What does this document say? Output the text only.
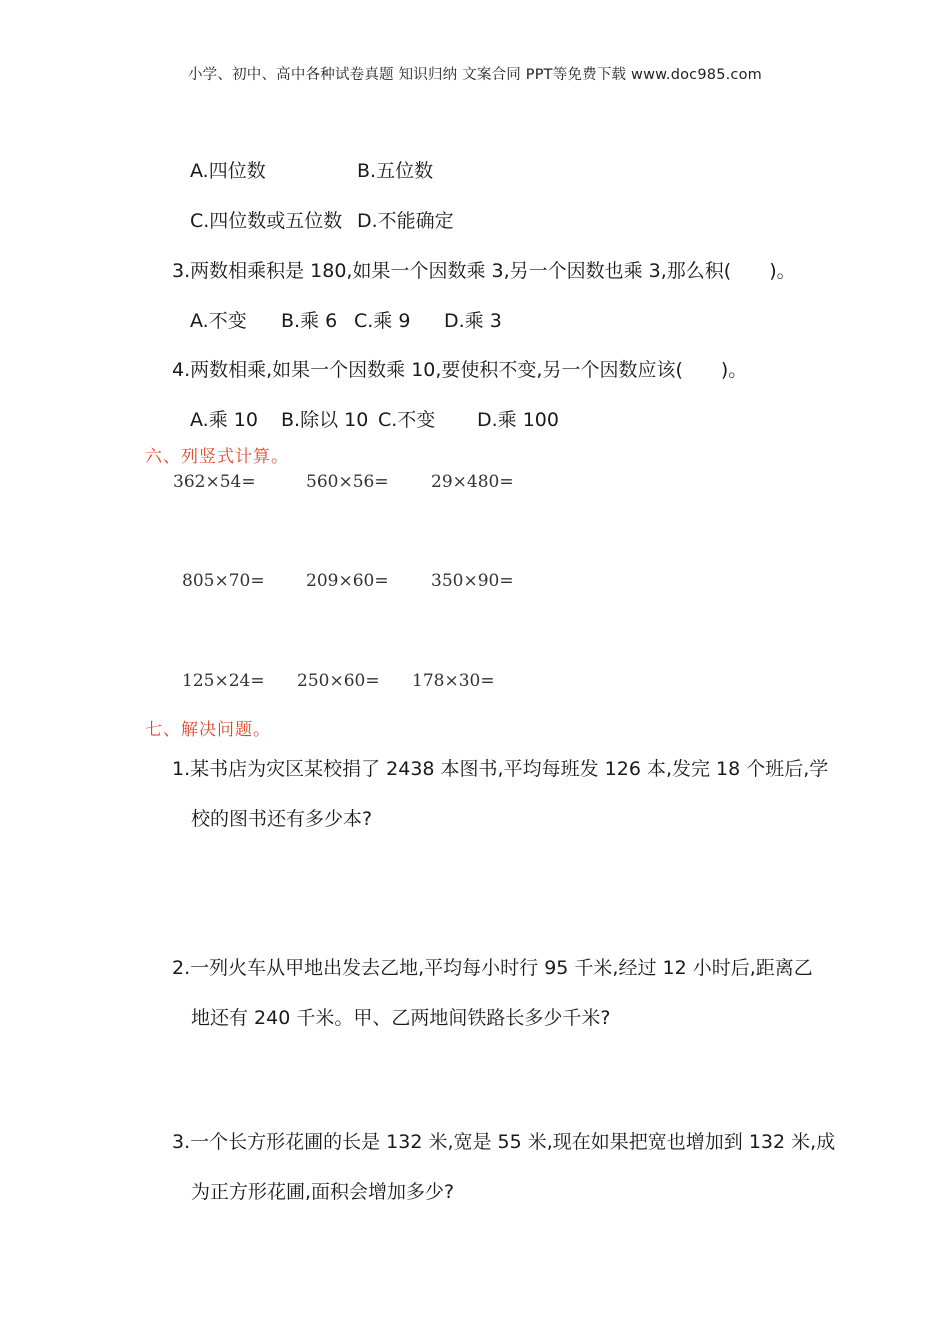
小学、初中、高中各种试卷真题 知识归纳 文案合同 PPT等免费下载 www.doc985.com
A.四位数	B.五位数
C.四位数或五位数 D.不能确定
3.两数相乘积是 180,如果一个因数乘 3,另一个因数也乘 3,那么积(　　)。
A.不变 B.乘 6 C.乘 9 D.乘 3
4.两数相乘,如果一个因数乘 10,要使积不变,另一个因数应该(　　)。
A.乘 10 B.除以 10 C.不变 D.乘 100
六、列竖式计算。
362×54=	560×56= 29×480=
805×70= 209×60= 350×90=
125×24= 250×60= 178×30=
七、解决问题。
1.某书店为灾区某校捐了 2438 本图书,平均每班发 126 本,发完 18 个班后,学
校的图书还有多少本?
2.一列火车从甲地出发去乙地,平均每小时行 95 千米,经过 12 小时后,距离乙
地还有 240 千米。甲、乙两地间铁路长多少千米?
3.一个长方形花圃的长是 132 米,宽是 55 米,现在如果把宽也增加到 132 米,成
为正方形花圃,面积会增加多少?
